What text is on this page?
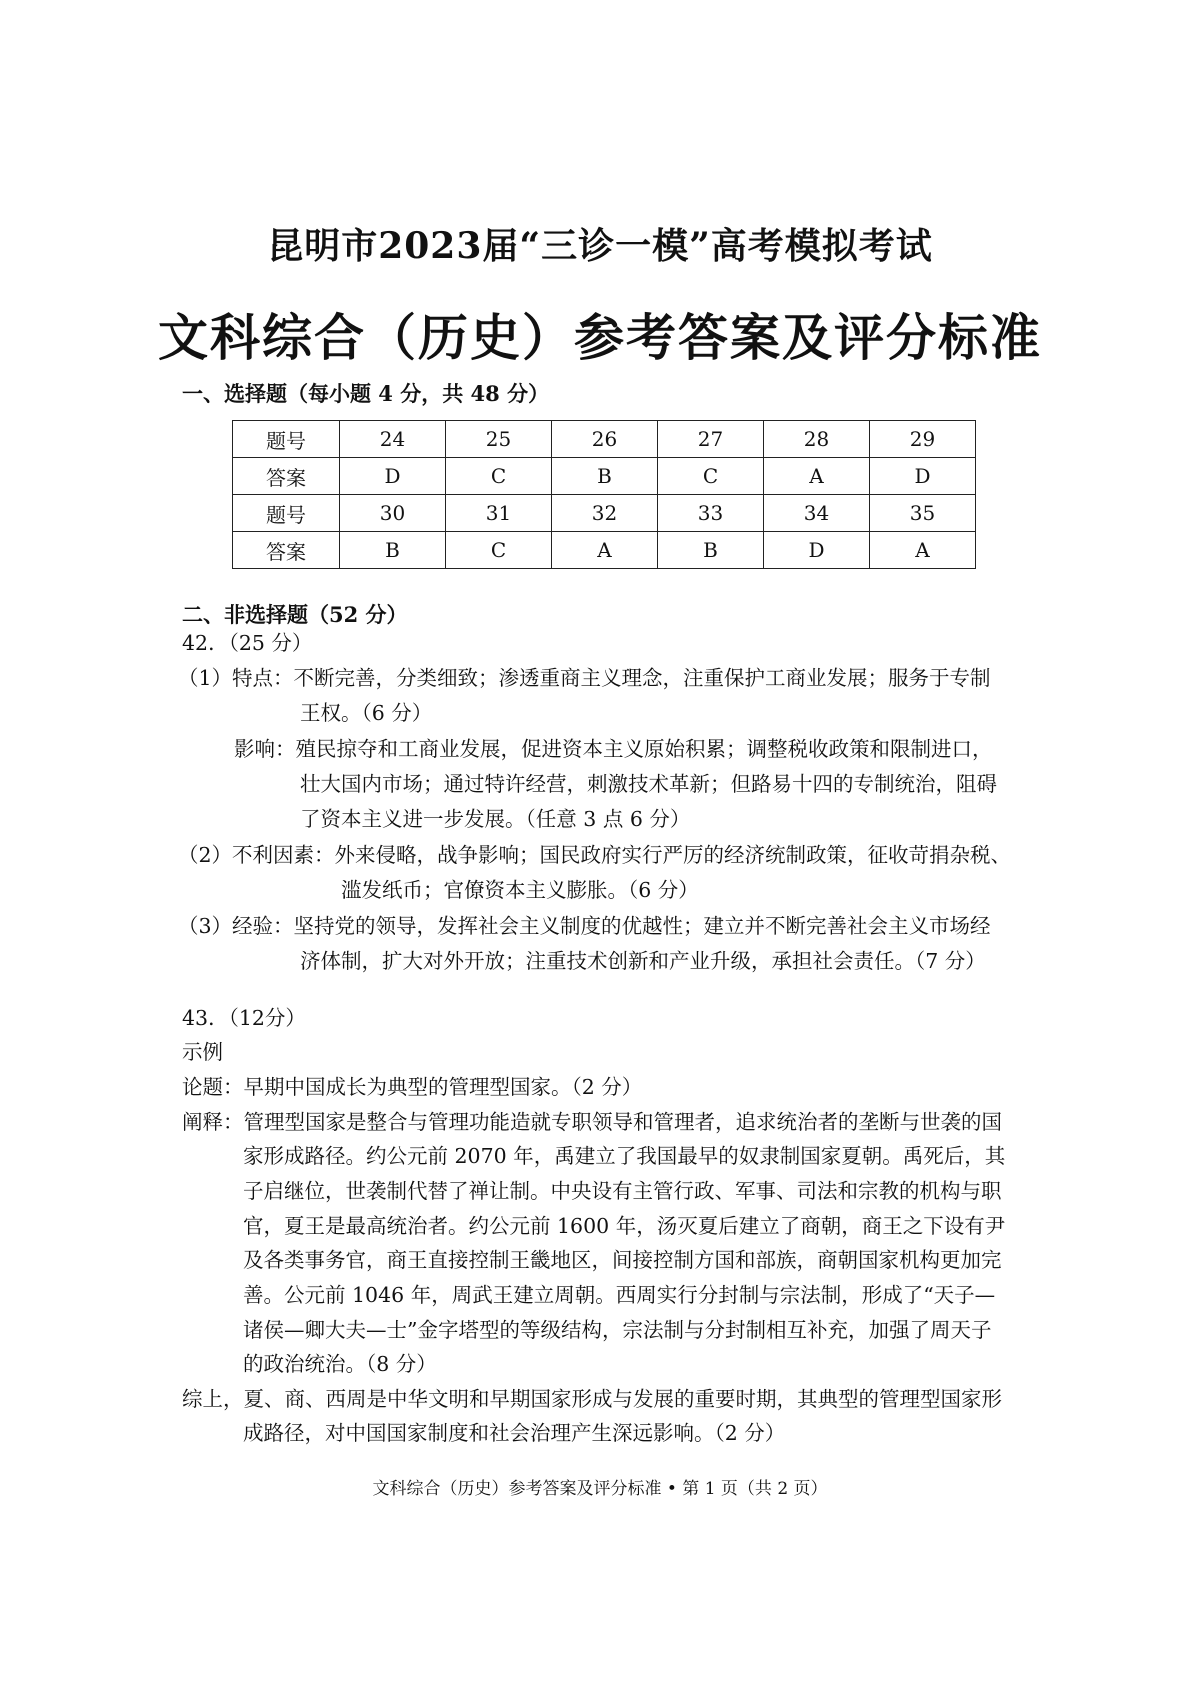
昆明市2023届“三诊一模”高考模拟考试
文科综合（历史）参考答案及评分标准
一、选择题（每小题 4 分，共 48 分）
题号	24	25	26	27	28	29
答案	D	C	B	C	A	D
题号	30	31	32	33	34	35
答案	B	C	A	B	D	A
二、非选择题（52 分）
42．（25 分）
（1）特点：不断完善，分类细致；渗透重商主义理念，注重保护工商业发展；服务于专制
王权。（6 分）
影响：殖民掠夺和工商业发展，促进资本主义原始积累；调整税收政策和限制进口，
壮大国内市场；通过特许经营，刺激技术革新；但路易十四的专制统治，阻碍
了资本主义进一步发展。（任意 3 点 6 分）
（2）不利因素：外来侵略，战争影响；国民政府实行严厉的经济统制政策，征收苛捐杂税、
滥发纸币；官僚资本主义膨胀。（6 分）
（3）经验：坚持党的领导，发挥社会主义制度的优越性；建立并不断完善社会主义市场经
济体制，扩大对外开放；注重技术创新和产业升级，承担社会责任。（7 分）
43．（12分）
示例
论题：早期中国成长为典型的管理型国家。（2 分）
阐释：管理型国家是整合与管理功能造就专职领导和管理者，追求统治者的垄断与世袭的国
家形成路径。约公元前 2070 年，禹建立了我国最早的奴隶制国家夏朝。禹死后，其
子启继位，世袭制代替了禅让制。中央设有主管行政、军事、司法和宗教的机构与职
官，夏王是最高统治者。约公元前 1600 年，汤灭夏后建立了商朝，商王之下设有尹
及各类事务官，商王直接控制王畿地区，间接控制方国和部族，商朝国家机构更加完
善。公元前 1046 年，周武王建立周朝。西周实行分封制与宗法制，形成了“天子—
诸侯—卿大夫—士”金字塔型的等级结构，宗法制与分封制相互补充，加强了周天子
的政治统治。（8 分）
综上，夏、商、西周是中华文明和早期国家形成与发展的重要时期，其典型的管理型国家形
成路径，对中国国家制度和社会治理产生深远影响。（2 分）
文科综合（历史）参考答案及评分标准 • 第 1 页（共 2 页）
